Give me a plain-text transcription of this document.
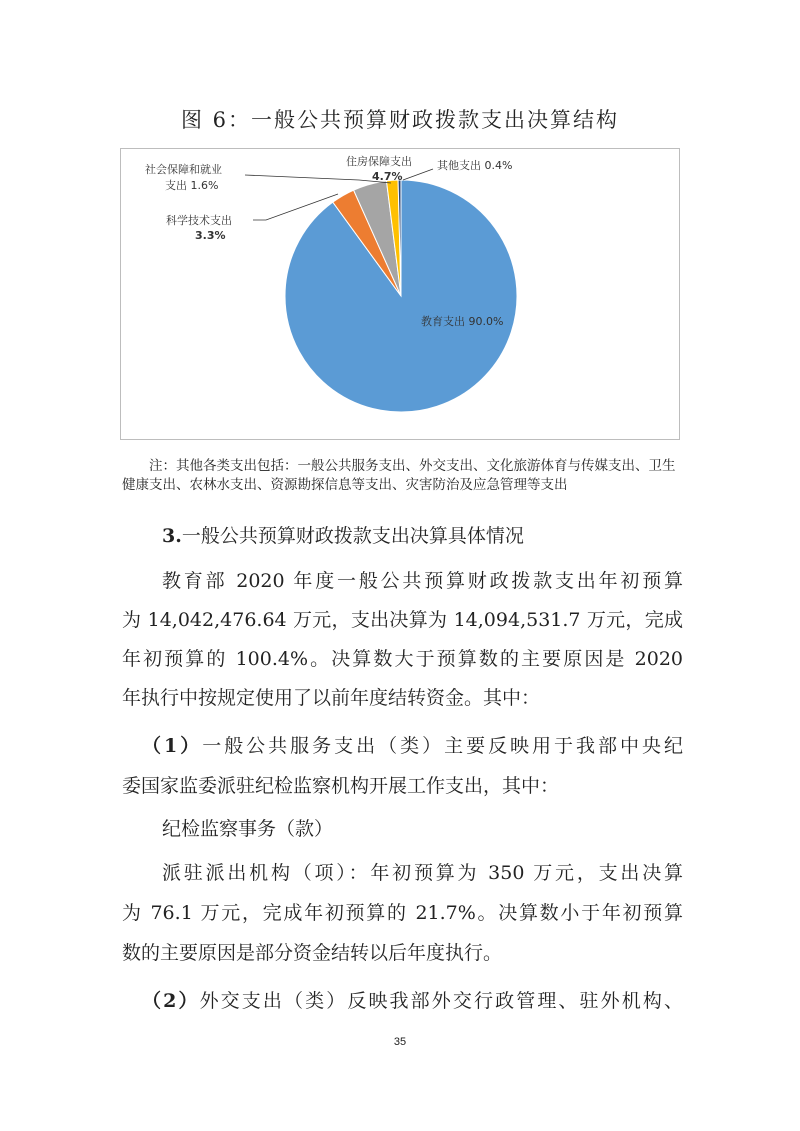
图 6：一般公共预算财政拨款支出决算结构
教育支出 90.0%
科学技术支出
3.3%
社会保障和就业
支出 1.6%
住房保障支出
4.7%
其他支出 0.4%
注：其他各类支出包括：一般公共服务支出、外交支出、文化旅游体育与传媒支出、卫生健康支出、农林水支出、资源勘探信息等支出、灾害防治及应急管理等支出
3.一般公共预算财政拨款支出决算具体情况
教育部 2020 年度一般公共预算财政拨款支出年初预算
为 14,042,476.64 万元，支出决算为 14,094,531.7 万元，完成
年初预算的 100.4%。决算数大于预算数的主要原因是 2020
年执行中按规定使用了以前年度结转资金。其中：
（1）一般公共服务支出（类）主要反映用于我部中央纪
委国家监委派驻纪检监察机构开展工作支出，其中：
纪检监察事务（款）
派驻派出机构（项）：年初预算为 350 万元，支出决算
为 76.1 万元，完成年初预算的 21.7%。决算数小于年初预算
数的主要原因是部分资金结转以后年度执行。
（2）外交支出（类）反映我部外交行政管理、驻外机构、
35
